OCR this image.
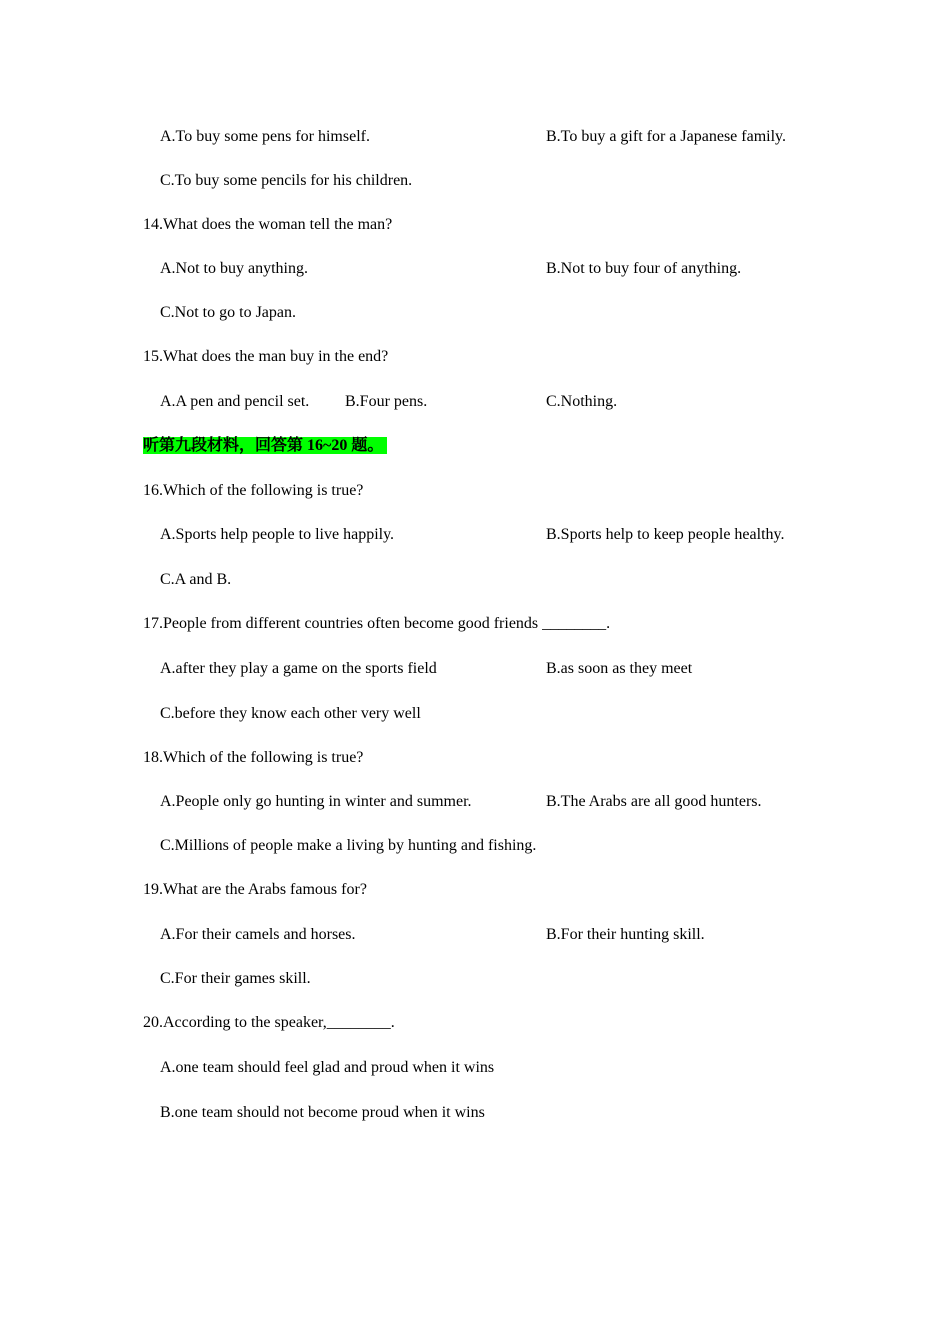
A.To buy some pens for himself.	B.To buy a gift for a Japanese family.
C.To buy some pencils for his children.
14.What does the woman tell the man?
A.Not to buy anything.	B.Not to buy four of anything.
C.Not to go to Japan.
15.What does the man buy in the end?
A.A pen and pencil set. B.Four pens.	C.Nothing.
听第九段材料，回答第 16~20 题。
16.Which of the following is true?
A.Sports help people to live happily.	B.Sports help to keep people healthy.
C.A and B.
17.People from different countries often become good friends ________.
A.after they play a game on the sports field	B.as soon as they meet
C.before they know each other very well
18.Which of the following is true?
A.People only go hunting in winter and summer.	B.The Arabs are all good hunters.
C.Millions of people make a living by hunting and fishing.
19.What are the Arabs famous for?
A.For their camels and horses.	B.For their hunting skill.
C.For their games skill.
20.According to the speaker,________.
A.one team should feel glad and proud when it wins
B.one team should not become proud when it wins
